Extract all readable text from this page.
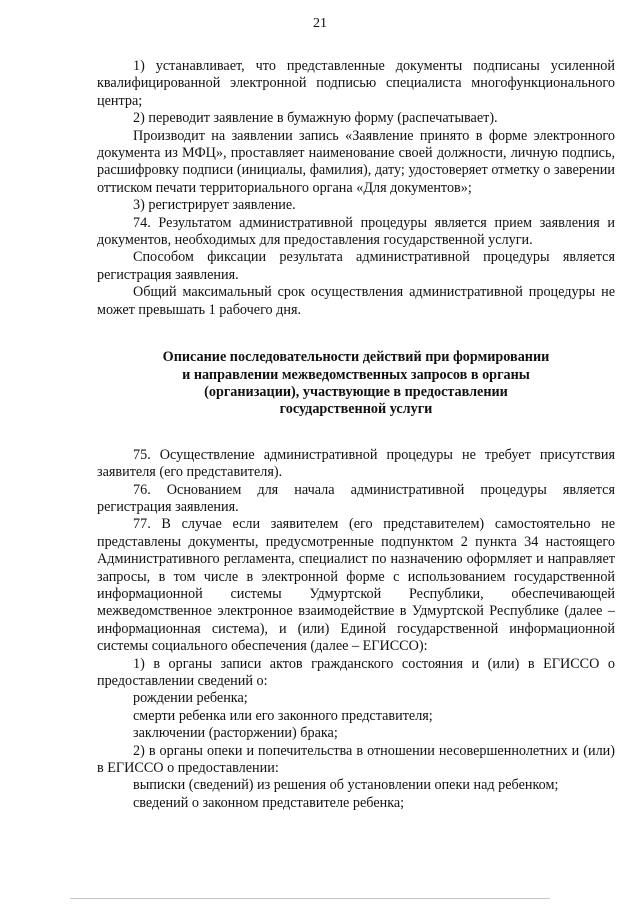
21

1) устанавливает, что представленные документы подписаны усиленной квалифицированной электронной подписью специалиста многофункционального центра;

2) переводит заявление в бумажную форму (распечатывает).

Производит на заявлении запись «Заявление принято в форме электронного документа из МФЦ», проставляет наименование своей должности, личную подпись, расшифровку подписи (инициалы, фамилия), дату; удостоверяет отметку о заверении оттиском печати территориального органа «Для документов»;

3) регистрирует заявление.

74. Результатом административной процедуры является прием заявления и документов, необходимых для предоставления государственной услуги.

Способом фиксации результата административной процедуры является регистрация заявления.

Общий максимальный срок осуществления административной процедуры не может превышать 1 рабочего дня.

Описание последовательности действий при формировании
и направлении межведомственных запросов в органы
(организации), участвующие в предоставлении
государственной услуги

75. Осуществление административной процедуры не требует присутствия заявителя (его представителя).

76. Основанием для начала административной процедуры является регистрация заявления.

77. В случае если заявителем (его представителем) самостоятельно не представлены документы, предусмотренные подпунктом 2 пункта 34 настоящего Административного регламента, специалист по назначению оформляет и направляет запросы, в том числе в электронной форме с использованием государственной информационной системы Удмуртской Республики, обеспечивающей межведомственное электронное взаимодействие в Удмуртской Республике (далее – информационная система), и (или) Единой государственной информационной системы социального обеспечения (далее – ЕГИССО):

1) в органы записи актов гражданского состояния и (или) в ЕГИССО о предоставлении сведений о:

рождении ребенка;

смерти ребенка или его законного представителя;

заключении (расторжении) брака;

2) в органы опеки и попечительства в отношении несовершеннолетних и (или) в ЕГИССО о предоставлении:

выписки (сведений) из решения об установлении опеки над ребенком;

сведений о законном представителе ребенка;
